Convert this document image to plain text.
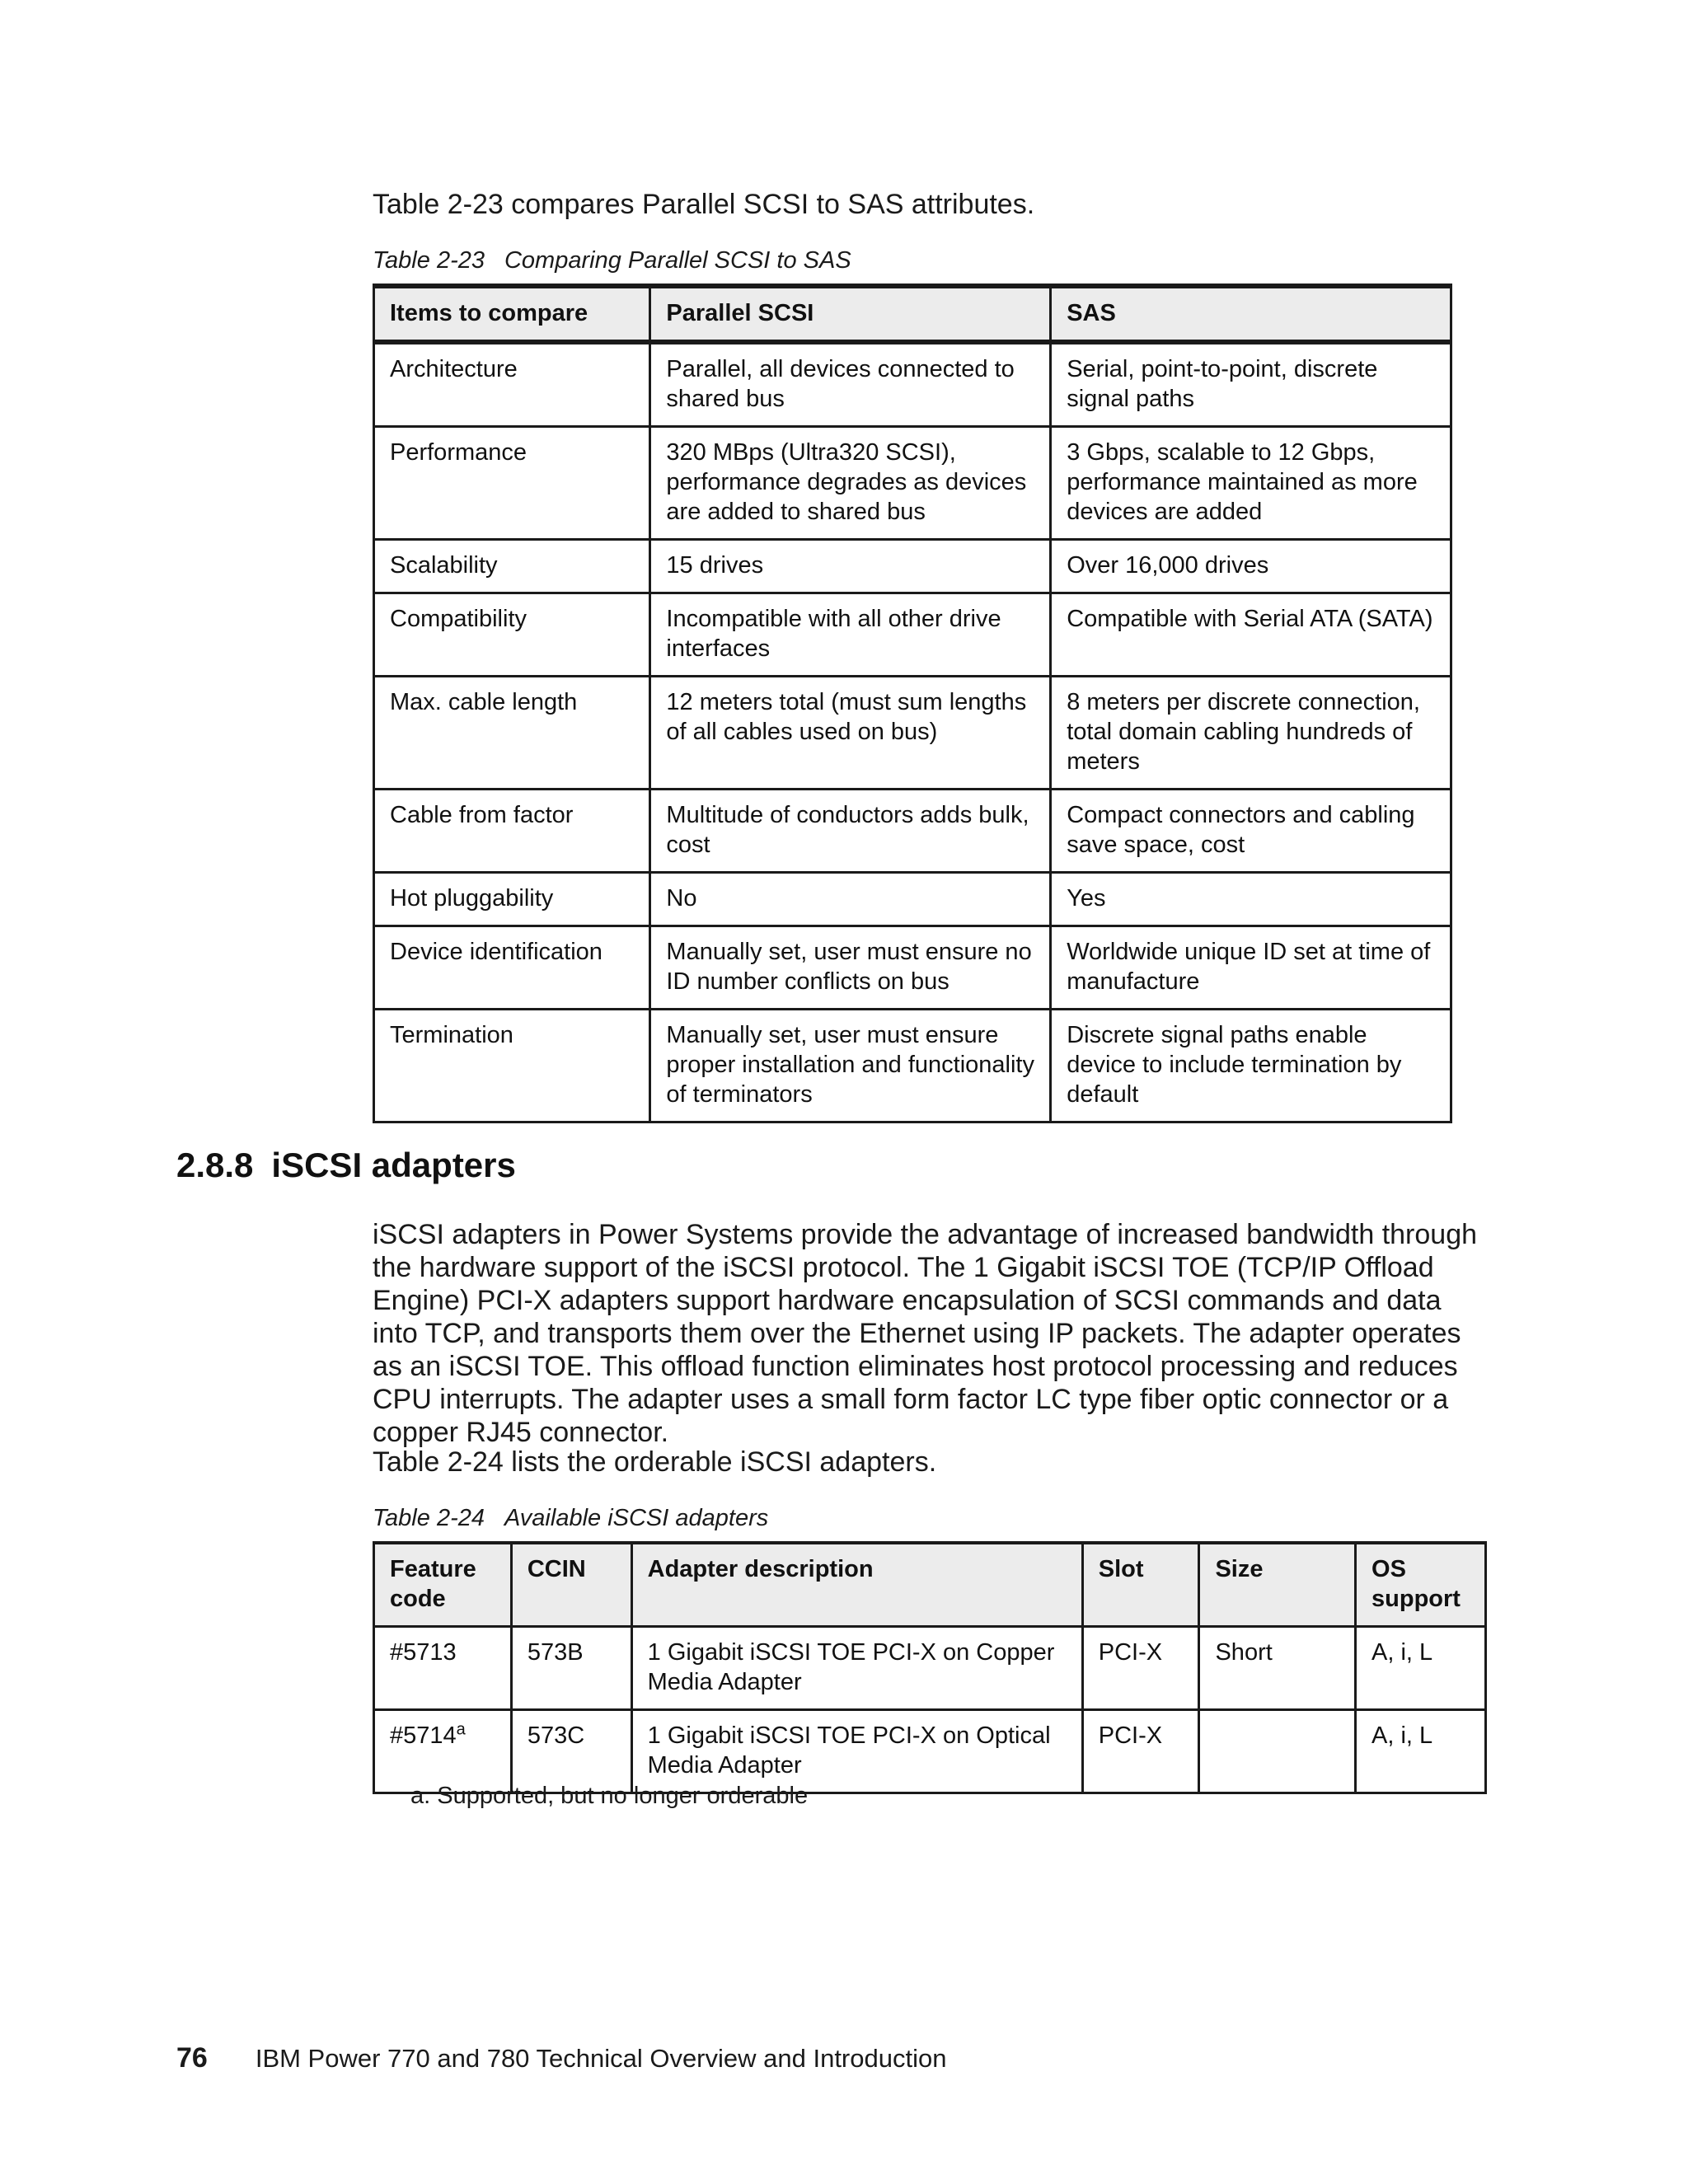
Table 2-23 compares Parallel SCSI to SAS attributes.
Table 2-23 Comparing Parallel SCSI to SAS
Items to compare	Parallel SCSI	SAS
Architecture	Parallel, all devices connected to shared bus	Serial, point-to-point, discrete signal paths
Performance	320 MBps (Ultra320 SCSI), performance degrades as devices are added to shared bus	3 Gbps, scalable to 12 Gbps, performance maintained as more devices are added
Scalability	15 drives	Over 16,000 drives
Compatibility	Incompatible with all other drive interfaces	Compatible with Serial ATA (SATA)
Max. cable length	12 meters total (must sum lengths of all cables used on bus)	8 meters per discrete connection, total domain cabling hundreds of meters
Cable from factor	Multitude of conductors adds bulk, cost	Compact connectors and cabling save space, cost
Hot pluggability	No	Yes
Device identification	Manually set, user must ensure no ID number conflicts on bus	Worldwide unique ID set at time of manufacture
Termination	Manually set, user must ensure proper installation and functionality of terminators	Discrete signal paths enable device to include termination by default
2.8.8 iSCSI adapters

iSCSI adapters in Power Systems provide the advantage of increased bandwidth through the hardware support of the iSCSI protocol. The 1 Gigabit iSCSI TOE (TCP/IP Offload Engine) PCI-X adapters support hardware encapsulation of SCSI commands and data into TCP, and transports them over the Ethernet using IP packets. The adapter operates as an iSCSI TOE. This offload function eliminates host protocol processing and reduces CPU interrupts. The adapter uses a small form factor LC type fiber optic connector or a copper RJ45 connector.

Table 2-24 lists the orderable iSCSI adapters.
Table 2-24 Available iSCSI adapters
Feature code	CCIN	Adapter description	Slot	Size	OS support
#5713	573B	1 Gigabit iSCSI TOE PCI-X on Copper Media Adapter	PCI-X	Short	A, i, L
#5714$^a$	573C	1 Gigabit iSCSI TOE PCI-X on Optical Media Adapter	PCI-X		A, i, L
a. Supported, but no longer orderable
76 IBM Power 770 and 780 Technical Overview and Introduction
